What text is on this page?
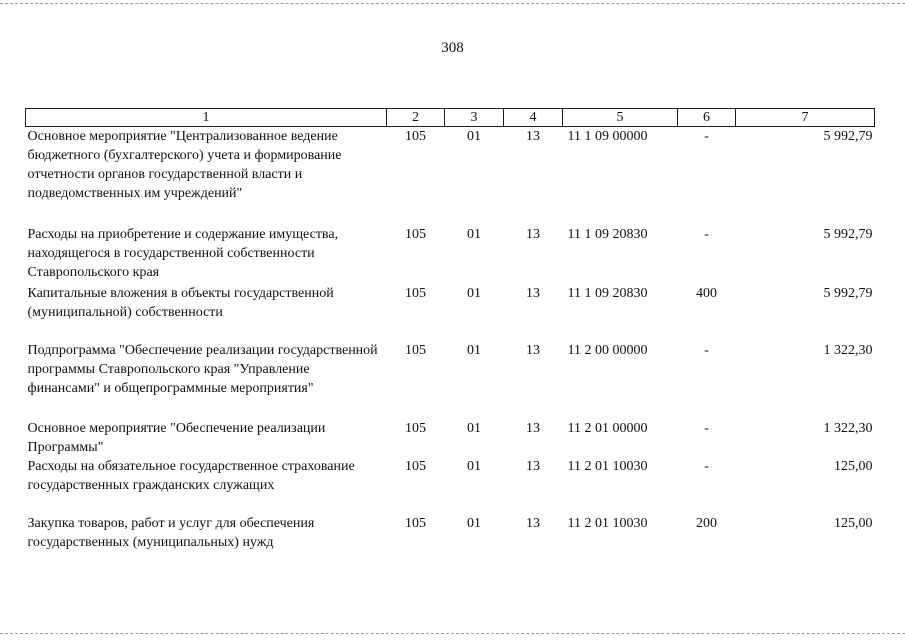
308
1	2	3	4	5	6	7
Основное мероприятие "Централизованное ведение бюджетного (бухгалтерского) учета и формирование отчетности органов государственной власти и подведомственных им учреждений"	105	01	13	11 1 09 00000	-	5 992,79
Расходы на приобретение и содержание имущества, находящегося в государственной собственности Ставропольского края	105	01	13	11 1 09 20830	-	5 992,79
Капитальные вложения в объекты государственной (муниципальной) собственности	105	01	13	11 1 09 20830	400	5 992,79
Подпрограмма "Обеспечение реализации государственной программы Ставропольского края "Управление финансами" и общепрограммные мероприятия"	105	01	13	11 2 00 00000	-	1 322,30
Основное мероприятие "Обеспечение реализации Программы"	105	01	13	11 2 01 00000	-	1 322,30
Расходы на обязательное государственное страхование государственных гражданских служащих	105	01	13	11 2 01 10030	-	125,00
Закупка товаров, работ и услуг для обеспечения государственных (муниципальных) нужд	105	01	13	11 2 01 10030	200	125,00
